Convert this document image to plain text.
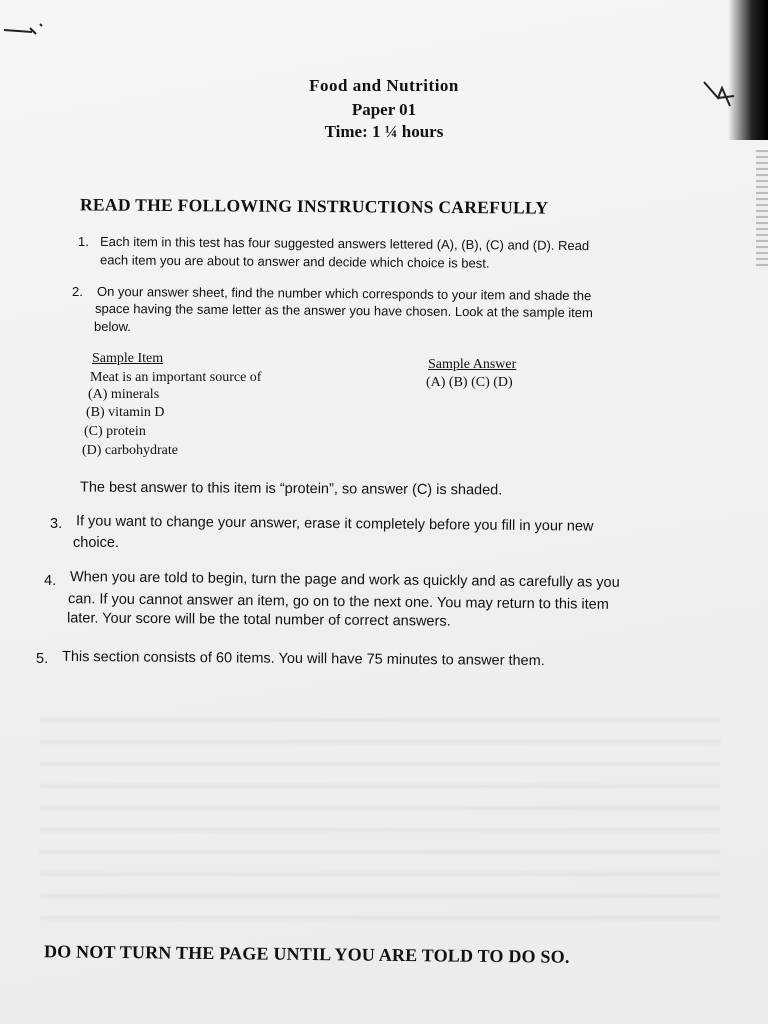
Food and Nutrition
Paper 01
Time: 1 ¼ hours
READ THE FOLLOWING INSTRUCTIONS CAREFULLY
1. Each item in this test has four suggested answers lettered (A), (B), (C) and (D). Read
each item you are about to answer and decide which choice is best.
2. On your answer sheet, find the number which corresponds to your item and shade the
space having the same letter as the answer you have chosen. Look at the sample item
below.
Sample Item
Meat is an important source of
(A) minerals
(B) vitamin D
(C) protein
(D) carbohydrate
Sample Answer
(A) (B) (C) (D)
The best answer to this item is “protein”, so answer (C) is shaded.
3. If you want to change your answer, erase it completely before you fill in your new
choice.
4. When you are told to begin, turn the page and work as quickly and as carefully as you
can. If you cannot answer an item, go on to the next one. You may return to this item
later. Your score will be the total number of correct answers.
5. This section consists of 60 items. You will have 75 minutes to answer them.
DO NOT TURN THE PAGE UNTIL YOU ARE TOLD TO DO SO.
